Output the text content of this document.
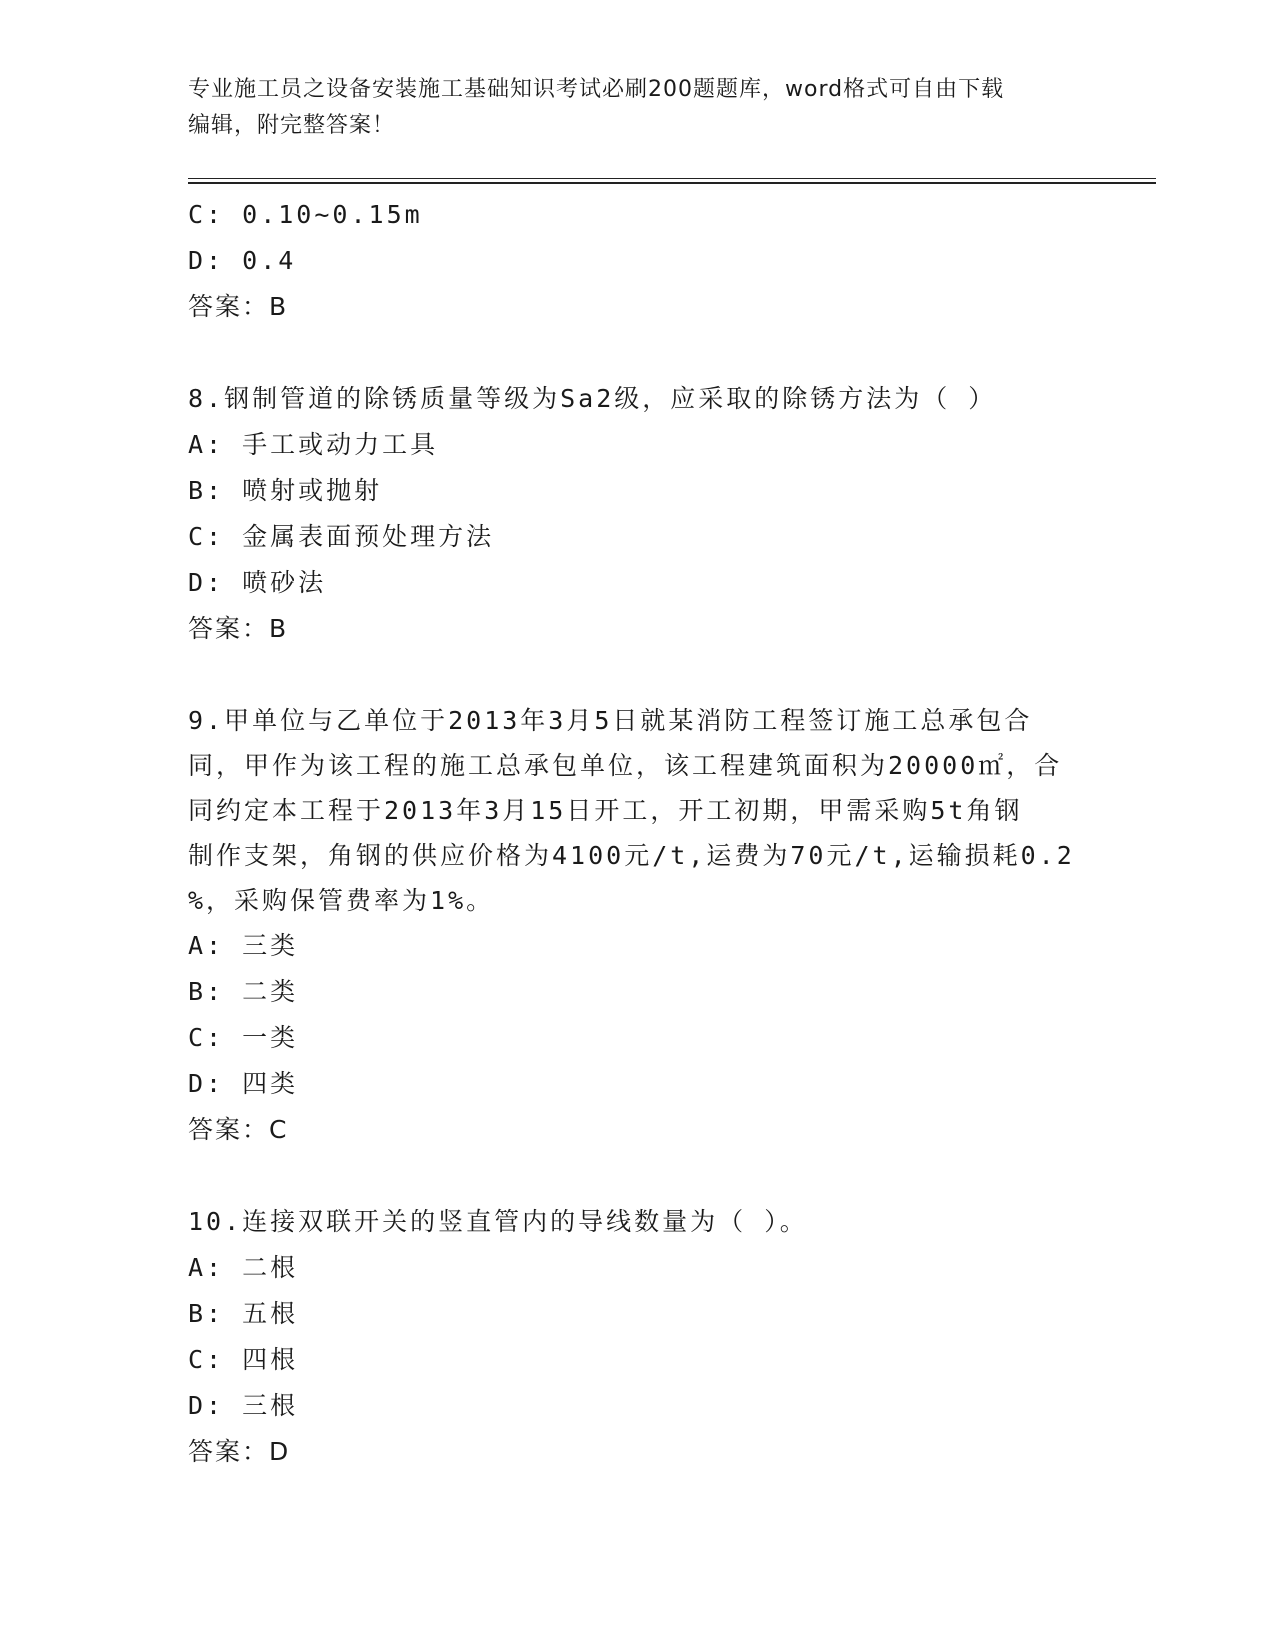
专业施工员之设备安装施工基础知识考试必刷200题题库，word格式可自由下载
编辑，附完整答案！
C: 0.10~0.15m
D: 0.4
答案：B
8.钢制管道的除锈质量等级为Sa2级，应采取的除锈方法为（ ）
A: 手工或动力工具
B: 喷射或抛射
C: 金属表面预处理方法
D: 喷砂法
答案：B
9.甲单位与乙单位于2013年3月5日就某消防工程签订施工总承包合
同，甲作为该工程的施工总承包单位，该工程建筑面积为20000㎡，合
同约定本工程于2013年3月15日开工，开工初期，甲需采购5t角钢
制作支架，角钢的供应价格为4100元/t,运费为70元/t,运输损耗0.2
%，采购保管费率为1%。
A: 三类
B: 二类
C: 一类
D: 四类
答案：C
10.连接双联开关的竖直管内的导线数量为（ ）。
A: 二根
B: 五根
C: 四根
D: 三根
答案：D
